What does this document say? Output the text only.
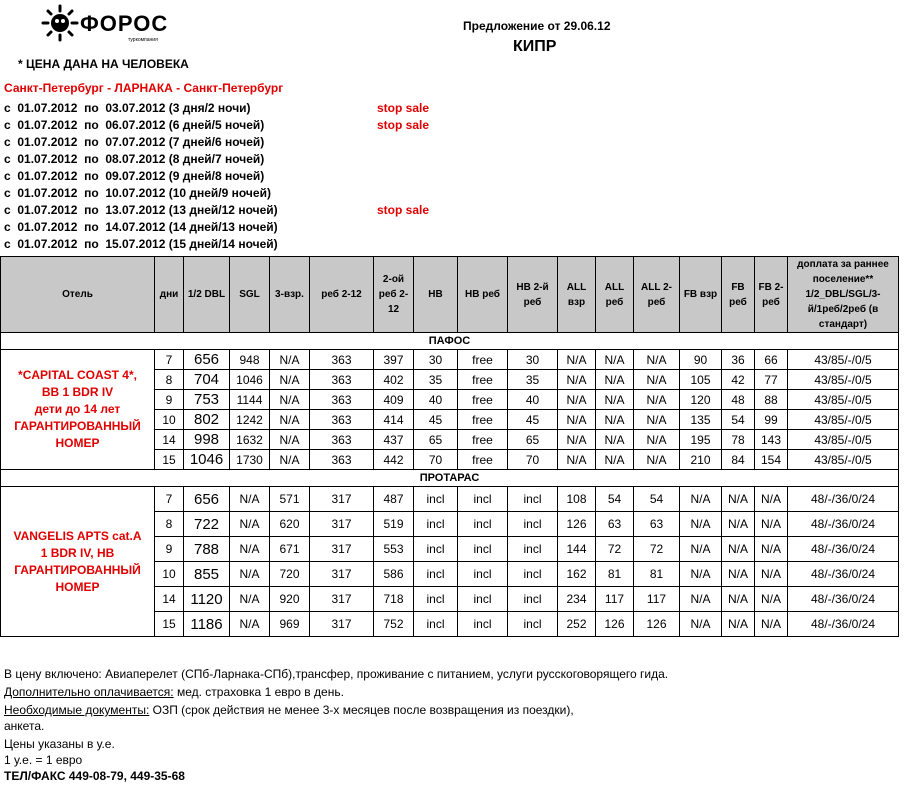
ФОРОС
туркомпания
Предложение от 29.06.12
КИПР
* ЦЕНА ДАНА НА ЧЕЛОВЕКА
Санкт-Петербург - ЛАРНАКА - Санкт-Петербург
с  01.07.2012  по  03.07.2012 (3 дня/2 ночи)	stop sale
с  01.07.2012  по  06.07.2012 (6 дней/5 ночей)	stop sale
с  01.07.2012  по  07.07.2012 (7 дней/6 ночей)
с  01.07.2012  по  08.07.2012 (8 дней/7 ночей)
с  01.07.2012  по  09.07.2012 (9 дней/8 ночей)
с  01.07.2012  по  10.07.2012 (10 дней/9 ночей)
с  01.07.2012  по  13.07.2012 (13 дней/12 ночей)	stop sale
с  01.07.2012  по  14.07.2012 (14 дней/13 ночей)
с  01.07.2012  по  15.07.2012 (15 дней/14 ночей)
Отель	дни	1/2 DBL	SGL	3-взр.	реб 2-12	2-ой реб 2-12	HB	HB реб	HB 2-й реб	ALL взр	ALL реб	ALL 2-реб	FB взр	FB реб	FB 2-реб	доплата за раннее поселение** 1/2_DBL/SGL/3-й/1реб/2реб (в стандарт)
ПАФОС																

*CAPITAL COAST 4*,
BB 1 BDR IV
дети до 14 лет
ГАРАНТИРОВАННЫЙ
НОМЕР	7	656	948	N/A	363	397	30	free	30	N/A	N/A	N/A	90	36	66	43/85/-/0/5
	8	704	1046	N/A	363	402	35	free	35	N/A	N/A	N/A	105	42	77	43/85/-/0/5
	9	753	1144	N/A	363	409	40	free	40	N/A	N/A	N/A	120	48	88	43/85/-/0/5
	10	802	1242	N/A	363	414	45	free	45	N/A	N/A	N/A	135	54	99	43/85/-/0/5
	14	998	1632	N/A	363	437	65	free	65	N/A	N/A	N/A	195	78	143	43/85/-/0/5
	15	1046	1730	N/A	363	442	70	free	70	N/A	N/A	N/A	210	84	154	43/85/-/0/5
ПРОТАРАС																

VANGELIS APTS cat.A
1 BDR IV, HB
ГАРАНТИРОВАННЫЙ
НОМЕР	7	656	N/A	571	317	487	incl	incl	incl	108	54	54	N/A	N/A	N/A	48/-/36/0/24
	8	722	N/A	620	317	519	incl	incl	incl	126	63	63	N/A	N/A	N/A	48/-/36/0/24
	9	788	N/A	671	317	553	incl	incl	incl	144	72	72	N/A	N/A	N/A	48/-/36/0/24
	10	855	N/A	720	317	586	incl	incl	incl	162	81	81	N/A	N/A	N/A	48/-/36/0/24
	14	1120	N/A	920	317	718	incl	incl	incl	234	117	117	N/A	N/A	N/A	48/-/36/0/24
	15	1186	N/A	969	317	752	incl	incl	incl	252	126	126	N/A	N/A	N/A	48/-/36/0/24
В цену включено: Авиаперелет (СПб-Ларнака-СПб),трансфер, проживание с питанием, услуги русскоговорящего гида.
Дополнительно оплачивается: мед. страховка 1 евро в день.
Необходимые документы: ОЗП (срок действия не менее 3-х месяцев после возвращения из поездки),
анкета.
Цены указаны в у.е.
1 у.е. = 1 евро
ТЕЛ/ФАКС 449-08-79, 449-35-68
